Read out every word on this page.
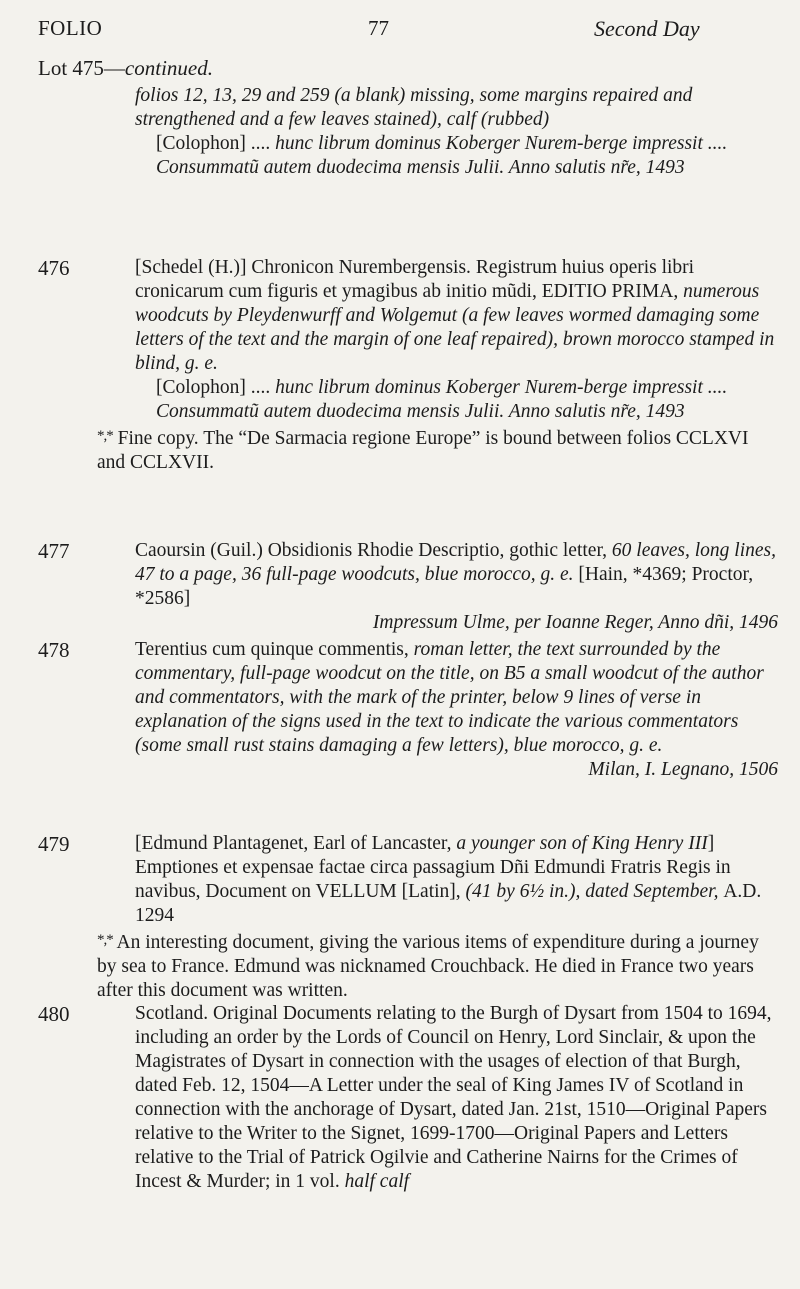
FOLIO	77	Second Day
Lot 475—continued.

folios 12, 13, 29 and 259 (a blank) missing, some margins repaired and strengthened and a few leaves stained), calf (rubbed)

[Colophon] .... hunc librum dominus Koberger Nurem-berge impressit .... Consummatũ autem duodecima mensis Julii. Anno salutis nr̃e, 1493

476	[Schedel (H.)] Chronicon Nurembergensis. Registrum huius operis libri cronicarum cum figuris et ymagibus ab initio mũdi, EDITIO PRIMA, numerous woodcuts by Pleydenwurff and Wolgemut (a few leaves wormed damaging some letters of the text and the margin of one leaf repaired), brown morocco stamped in blind, g. e.

[Colophon] .... hunc librum dominus Koberger Nurem-berge impressit .... Consummatũ autem duodecima mensis Julii. Anno salutis nr̃e, 1493

*,* Fine copy. The “De Sarmacia regione Europe” is bound between folios CCLXVI and CCLXVII.

477	Caoursin (Guil.) Obsidionis Rhodie Descriptio, gothic letter, 60 leaves, long lines, 47 to a page, 36 full-page woodcuts, blue morocco, g. e. [Hain, *4369; Proctor, *2586]

Impressum Ulme, per Ioanne Reger, Anno dñi, 1496

478	Terentius cum quinque commentis, roman letter, the text surrounded by the commentary, full-page woodcut on the title, on B5 a small woodcut of the author and commentators, with the mark of the printer, below 9 lines of verse in explanation of the signs used in the text to indicate the various commentators (some small rust stains damaging a few letters), blue morocco, g. e.

Milan, I. Legnano, 1506

479	[Edmund Plantagenet, Earl of Lancaster, a younger son of King Henry III] Emptiones et expensae factae circa passagium Dñi Edmundi Fratris Regis in navibus, Document on VELLUM [Latin], (41 by 6½ in.), dated September, A.D. 1294

*,* An interesting document, giving the various items of expenditure during a journey by sea to France. Edmund was nicknamed Crouchback. He died in France two years after this document was written.

480	Scotland. Original Documents relating to the Burgh of Dysart from 1504 to 1694, including an order by the Lords of Council on Henry, Lord Sinclair, & upon the Magistrates of Dysart in connection with the usages of election of that Burgh, dated Feb. 12, 1504—A Letter under the seal of King James IV of Scotland in connection with the anchorage of Dysart, dated Jan. 21st, 1510—Original Papers relative to the Writer to the Signet, 1699-1700—Original Papers and Letters relative to the Trial of Patrick Ogilvie and Catherine Nairns for the Crimes of Incest & Murder; in 1 vol. half calf
